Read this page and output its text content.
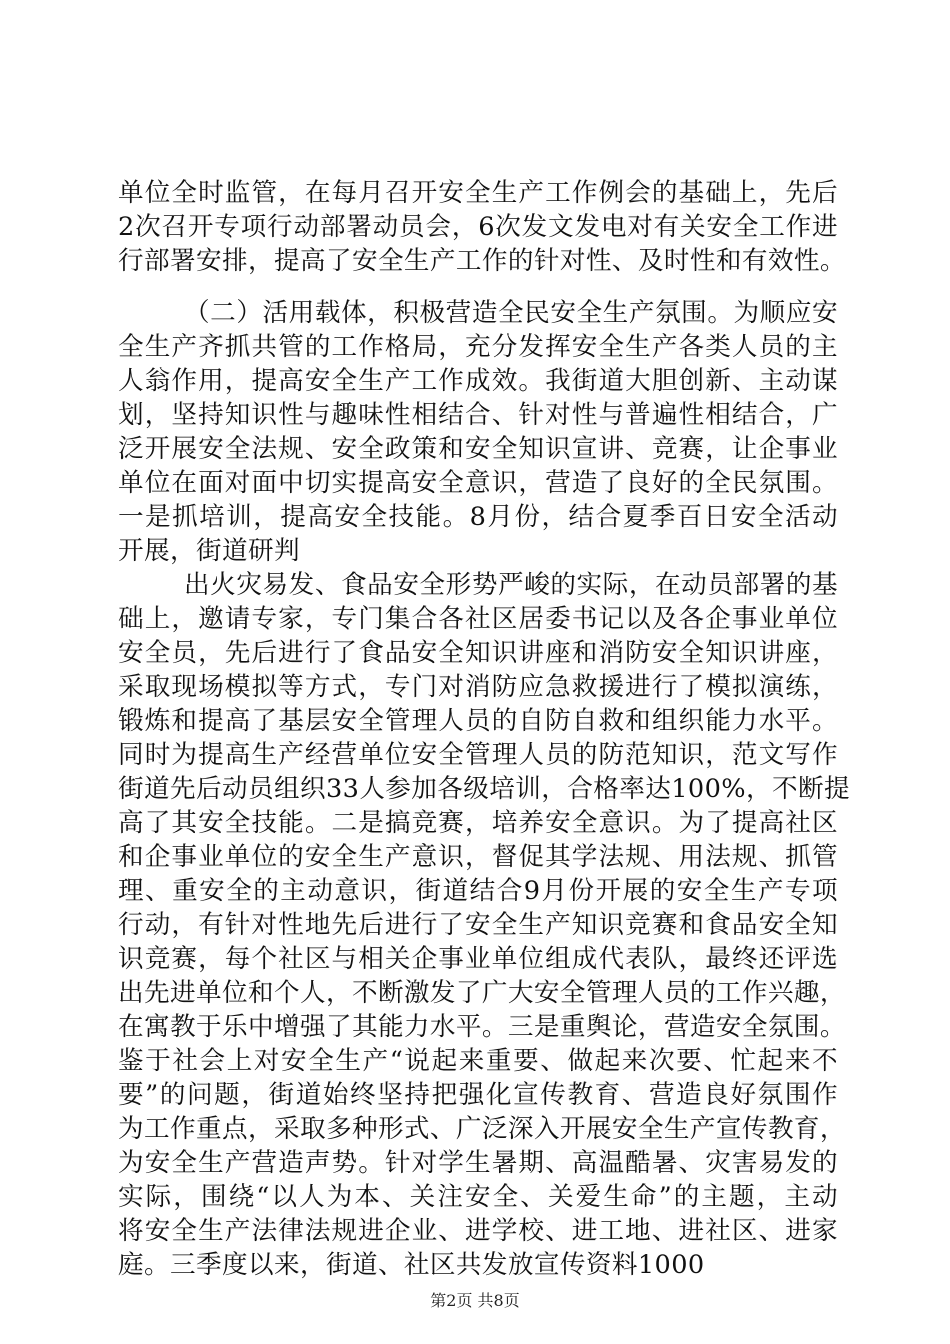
单位全时监管，在每月召开安全生产工作例会的基础上，先后
2次召开专项行动部署动员会，6次发文发电对有关安全工作进
行部署安排，提高了安全生产工作的针对性、及时性和有效性。
（二）活用载体，积极营造全民安全生产氛围。为顺应安
全生产齐抓共管的工作格局，充分发挥安全生产各类人员的主
人翁作用，提高安全生产工作成效。我街道大胆创新、主动谋
划，坚持知识性与趣味性相结合、针对性与普遍性相结合，广
泛开展安全法规、安全政策和安全知识宣讲、竞赛，让企事业
单位在面对面中切实提高安全意识，营造了良好的全民氛围。
一是抓培训，提高安全技能。8月份，结合夏季百日安全活动
开展，街道研判
出火灾易发、食品安全形势严峻的实际，在动员部署的基
础上，邀请专家，专门集合各社区居委书记以及各企事业单位
安全员，先后进行了食品安全知识讲座和消防安全知识讲座，
采取现场模拟等方式，专门对消防应急救援进行了模拟演练，
锻炼和提高了基层安全管理人员的自防自救和组织能力水平。
同时为提高生产经营单位安全管理人员的防范知识，范文写作
街道先后动员组织33人参加各级培训，合格率达100%，不断提
高了其安全技能。二是搞竞赛，培养安全意识。为了提高社区
和企事业单位的安全生产意识，督促其学法规、用法规、抓管
理、重安全的主动意识，街道结合9月份开展的安全生产专项
行动，有针对性地先后进行了安全生产知识竞赛和食品安全知
识竞赛，每个社区与相关企事业单位组成代表队，最终还评选
出先进单位和个人，不断激发了广大安全管理人员的工作兴趣，
在寓教于乐中增强了其能力水平。三是重舆论，营造安全氛围。
鉴于社会上对安全生产“说起来重要、做起来次要、忙起来不
要”的问题，街道始终坚持把强化宣传教育、营造良好氛围作
为工作重点，采取多种形式、广泛深入开展安全生产宣传教育，
为安全生产营造声势。针对学生暑期、高温酷暑、灾害易发的
实际，围绕“以人为本、关注安全、关爱生命”的主题，主动
将安全生产法律法规进企业、进学校、进工地、进社区、进家
庭。三季度以来，街道、社区共发放宣传资料1000
第2页 共8页
